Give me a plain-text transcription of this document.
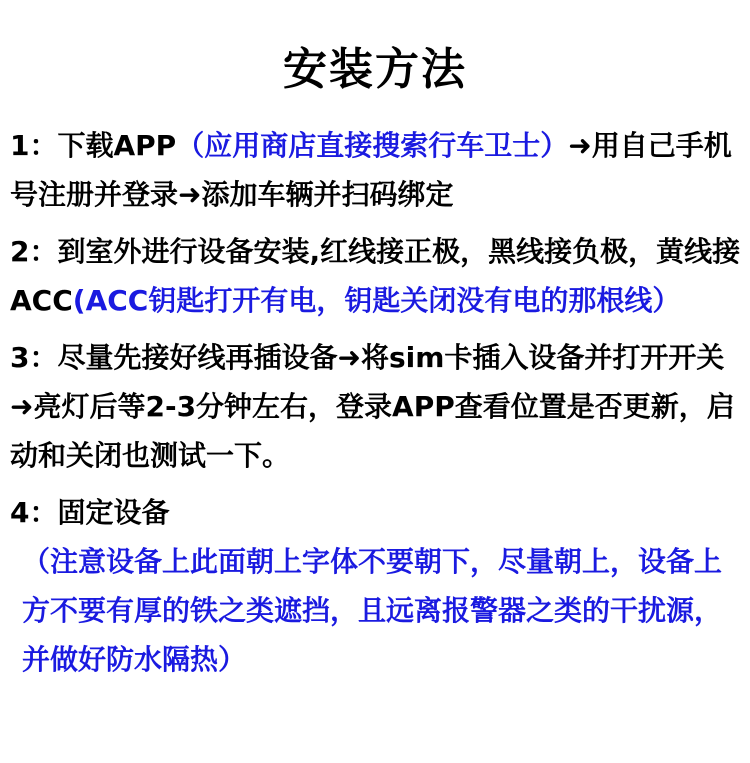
安装方法

1：下载APP（应用商店直接搜索行车卫士）➜用自己手机号注册并登录➜添加车辆并扫码绑定

2：到室外进行设备安装,红线接正极，黑线接负极，黄线接ACC(ACC钥匙打开有电，钥匙关闭没有电的那根线）

3：尽量先接好线再插设备➜将sim卡插入设备并打开开关➜亮灯后等2-3分钟左右，登录APP查看位置是否更新，启动和关闭也测试一下。

4：固定设备

（注意设备上此面朝上字体不要朝下，尽量朝上，设备上方不要有厚的铁之类遮挡，且远离报警器之类的干扰源，并做好防水隔热）
